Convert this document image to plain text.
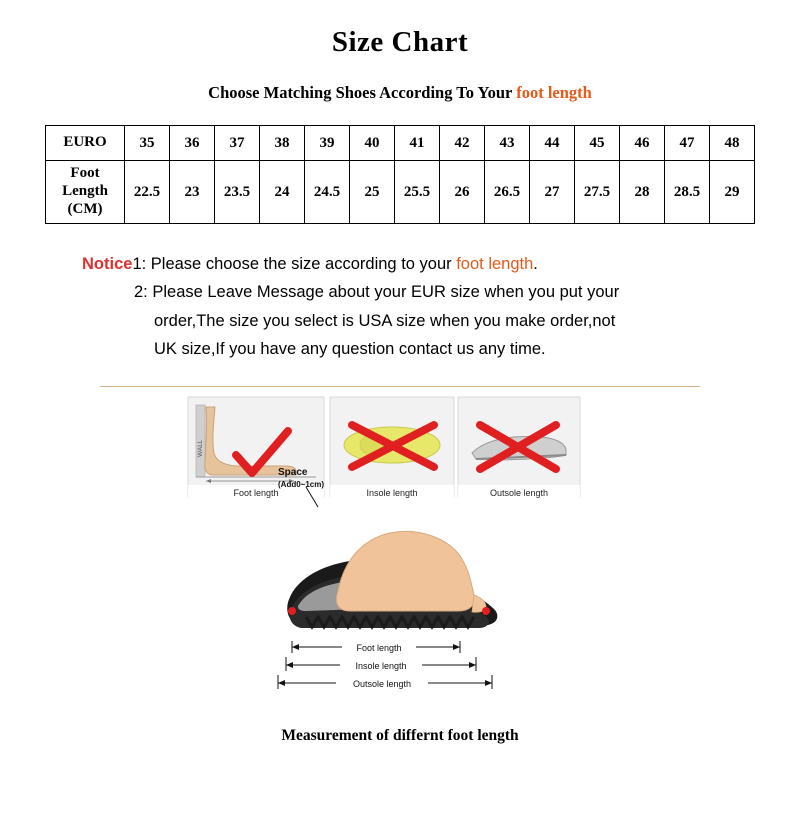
Size Chart
Choose Matching Shoes According To Your foot length
EURO	35	36	37	38	39	40	41	42	43	44	45	46	47	48

Foot
Length
(CM)	22.5	23	23.5	24	24.5	25	25.5	26	26.5	27	27.5	28	28.5	29
Notice1: Please choose the size according to your foot length.
2: Please Leave Message about your EUR size when you put your
order,The size you select is USA size when you make order,not
UK size,If you have any question contact us any time.
WALL
Foot length	Insole length	Outsole length
Space
(Add0~1cm)
Foot length
Insole length
Outsole length
Measurement of differnt foot length
